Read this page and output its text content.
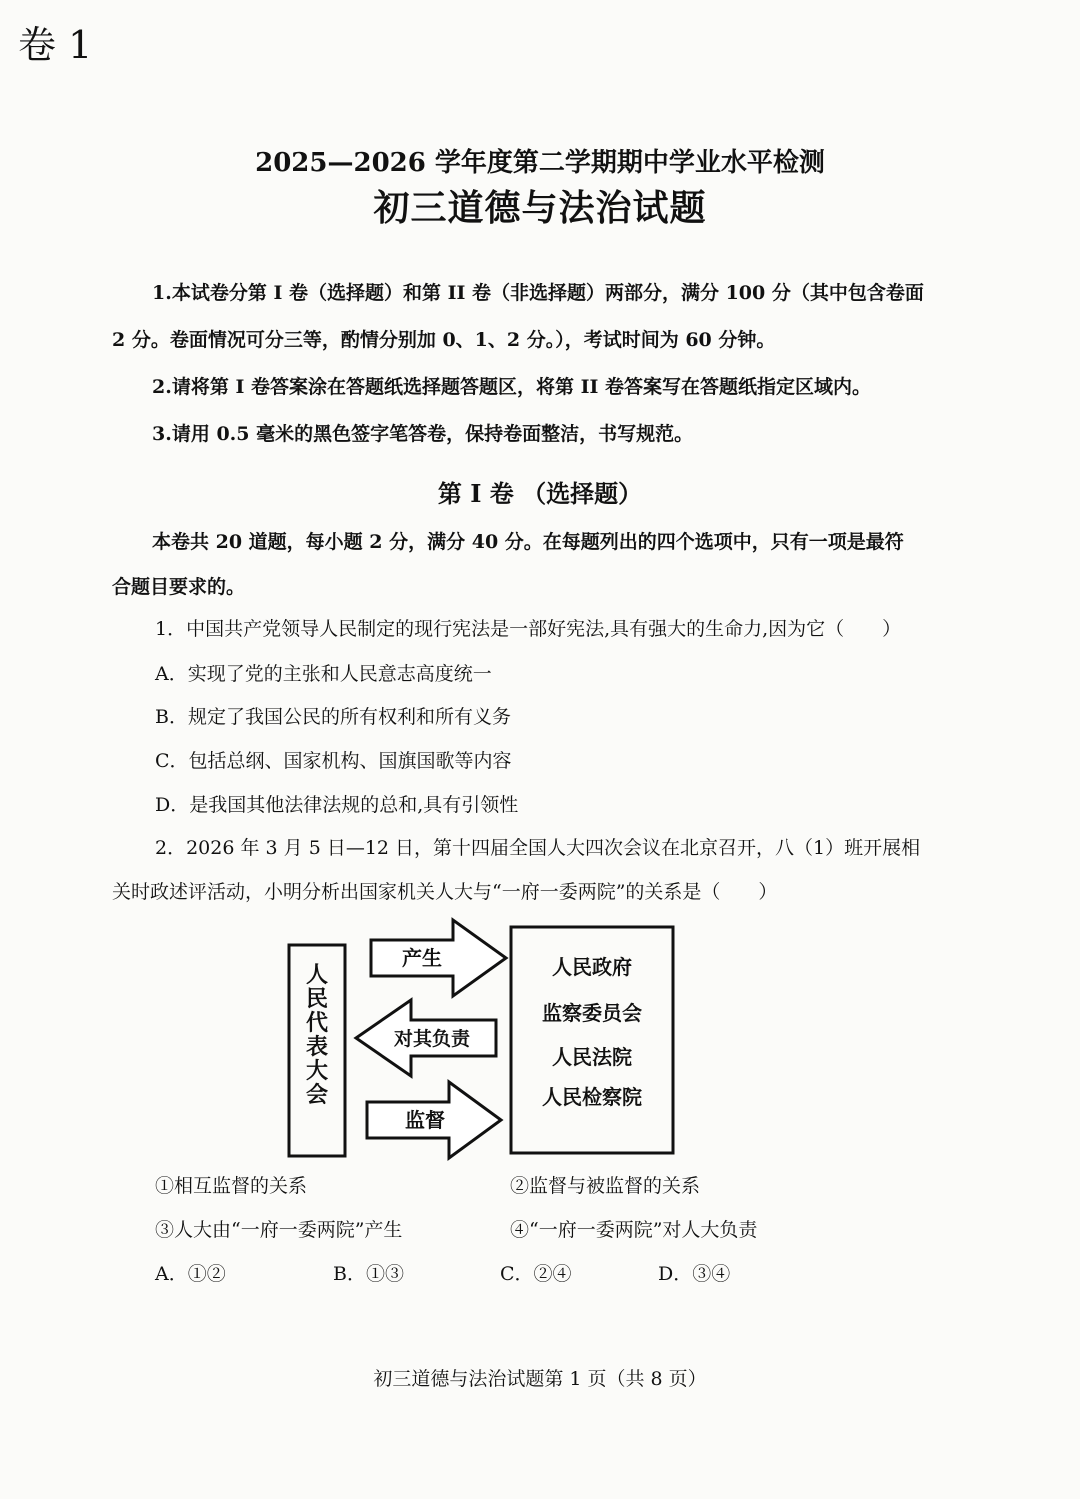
卷 1
2025—2026 学年度第二学期期中学业水平检测
初三道德与法治试题
1.本试卷分第 I 卷（选择题）和第 II 卷（非选择题）两部分，满分 100 分（其中包含卷面
2 分。卷面情况可分三等，酌情分别加 0、1、2 分。），考试时间为 60 分钟。
2.请将第 I 卷答案涂在答题纸选择题答题区，将第 II 卷答案写在答题纸指定区域内。
3.请用 0.5 毫米的黑色签字笔答卷，保持卷面整洁，书写规范。
第 I 卷 （选择题）
本卷共 20 道题，每小题 2 分，满分 40 分。在每题列出的四个选项中，只有一项是最符
合题目要求的。
1．中国共产党领导人民制定的现行宪法是一部好宪法,具有强大的生命力,因为它（　　）
A．实现了党的主张和人民意志高度统一
B．规定了我国公民的所有权利和所有义务
C．包括总纲、国家机构、国旗国歌等内容
D．是我国其他法律法规的总和,具有引领性
2．2026 年 3 月 5 日—12 日，第十四届全国人大四次会议在北京召开，八（1）班开展相
关时政述评活动，小明分析出国家机关人大与“一府一委两院”的关系是（　　）
人
民
代
表
大
会
人民政府
监察委员会
人民法院
人民检察院
产生
对其负责
监督
①相互监督的关系	②监督与被监督的关系
③人大由“一府一委两院”产生	④“一府一委两院”对人大负责
A．①②	B．①③	C．②④	D．③④
初三道德与法治试题第 1 页（共 8 页）
